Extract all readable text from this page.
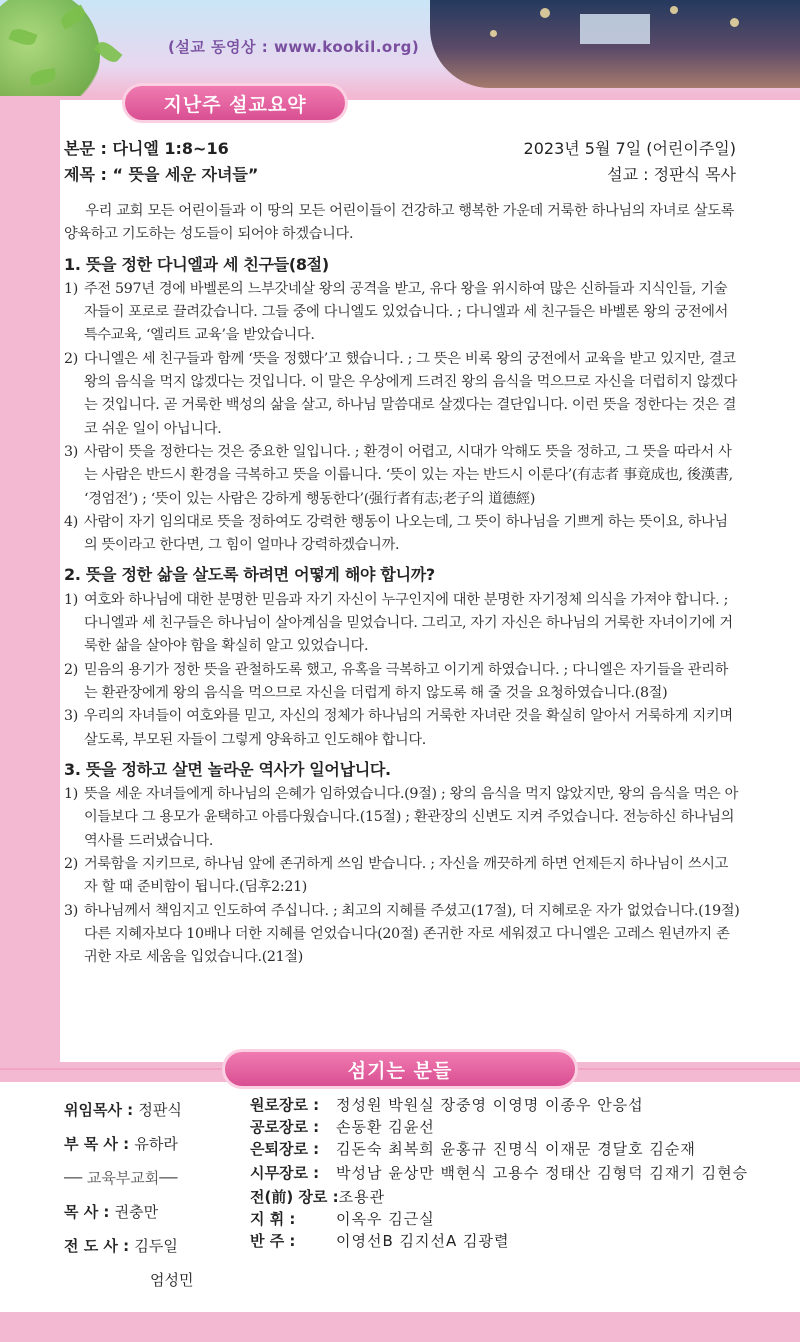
(설교 동영상 : www.kookil.org)
지난주 설교요약
본문 : 다니엘 1:8~16	2023년 5월 7일 (어린이주일)
제목 : “ 뜻을 세운 자녀들”	설교 : 정판식 목사
우리 교회 모든 어린이들과 이 땅의 모든 어린이들이 건강하고 행복한 가운데 거룩한 하나님의 자녀로 살도록 양육하고 기도하는 성도들이 되어야 하겠습니다.
1. 뜻을 정한 다니엘과 세 친구들(8절)
1) 주전 597년 경에 바벨론의 느부갓네살 왕의 공격을 받고, 유다 왕을 위시하여 많은 신하들과 지식인들, 기술자들이 포로로 끌려갔습니다. 그들 중에 다니엘도 있었습니다. ; 다니엘과 세 친구들은 바벨론 왕의 궁전에서 특수교육, ‘엘리트 교육’을 받았습니다.
2) 다니엘은 세 친구들과 함께 ‘뜻을 정했다’고 했습니다. ; 그 뜻은 비록 왕의 궁전에서 교육을 받고 있지만, 결코 왕의 음식을 먹지 않겠다는 것입니다. 이 말은 우상에게 드려진 왕의 음식을 먹으므로 자신을 더럽히지 않겠다는 것입니다. 곧 거룩한 백성의 삶을 살고, 하나님 말씀대로 살겠다는 결단입니다. 이런 뜻을 정한다는 것은 결코 쉬운 일이 아닙니다.
3) 사람이 뜻을 정한다는 것은 중요한 일입니다. ; 환경이 어렵고, 시대가 악해도 뜻을 정하고, 그 뜻을 따라서 사는 사람은 반드시 환경을 극복하고 뜻을 이룹니다. ‘뜻이 있는 자는 반드시 이룬다’(有志者 事竟成也, 後漢書, ‘경엄전’) ; ‘뜻이 있는 사람은 강하게 행동한다’(强行者有志;老子의 道德經)
4) 사람이 자기 임의대로 뜻을 정하여도 강력한 행동이 나오는데, 그 뜻이 하나님을 기쁘게 하는 뜻이요, 하나님의 뜻이라고 한다면, 그 힘이 얼마나 강력하겠습니까.
2. 뜻을 정한 삶을 살도록 하려면 어떻게 해야 합니까?
1) 여호와 하나님에 대한 분명한 믿음과 자기 자신이 누구인지에 대한 분명한 자기정체 의식을 가져야 합니다. ; 다니엘과 세 친구들은 하나님이 살아계심을 믿었습니다. 그리고, 자기 자신은 하나님의 거룩한 자녀이기에 거룩한 삶을 살아야 함을 확실히 알고 있었습니다.
2) 믿음의 용기가 정한 뜻을 관철하도록 했고, 유혹을 극복하고 이기게 하였습니다. ; 다니엘은 자기들을 관리하는 환관장에게 왕의 음식을 먹으므로 자신을 더럽게 하지 않도록 해 줄 것을 요청하였습니다.(8절)
3) 우리의 자녀들이 여호와를 믿고, 자신의 정체가 하나님의 거룩한 자녀란 것을 확실히 알아서 거룩하게 지키며 살도록, 부모된 자들이 그렇게 양육하고 인도해야 합니다.
3. 뜻을 정하고 살면 놀라운 역사가 일어납니다.
1) 뜻을 세운 자녀들에게 하나님의 은혜가 임하였습니다.(9절) ; 왕의 음식을 먹지 않았지만, 왕의 음식을 먹은 아이들보다 그 용모가 윤택하고 아름다웠습니다.(15절) ; 환관장의 신변도 지켜 주었습니다. 전능하신 하나님의 역사를 드러냈습니다.
2) 거룩함을 지키므로, 하나님 앞에 존귀하게 쓰임 받습니다. ; 자신을 깨끗하게 하면 언제든지 하나님이 쓰시고자 할 때 준비함이 됩니다.(딤후2:21)
3) 하나님께서 책임지고 인도하여 주십니다. ; 최고의 지혜를 주셨고(17절), 더 지혜로운 자가 없었습니다.(19절) 다른 지혜자보다 10배나 더한 지혜를 얻었습니다(20절) 존귀한 자로 세워졌고 다니엘은 고레스 원년까지 존귀한 자로 세움을 입었습니다.(21절)
섬기는 분들
위임목사 : 정판식
부 목 사 : 유하라
── 교육부교회──
목 사 : 권충만
전 도 사 : 김두일
엄성민
원로장로 :	정성원 박원실 장중영 이영명 이종우 안응섭
공로장로 :	손동환 김윤선
은퇴장로 :	김돈숙 최복희 윤홍규 진명식 이재문 경달호 김순재
시무장로 :	박성남 윤상만 백현식 고용수 정태산 김형덕 김재기 김현승
전(前) 장로 : 조용관
지 휘 :	이옥우 김근실
반 주 :	이영선B 김지선A 김광렬
